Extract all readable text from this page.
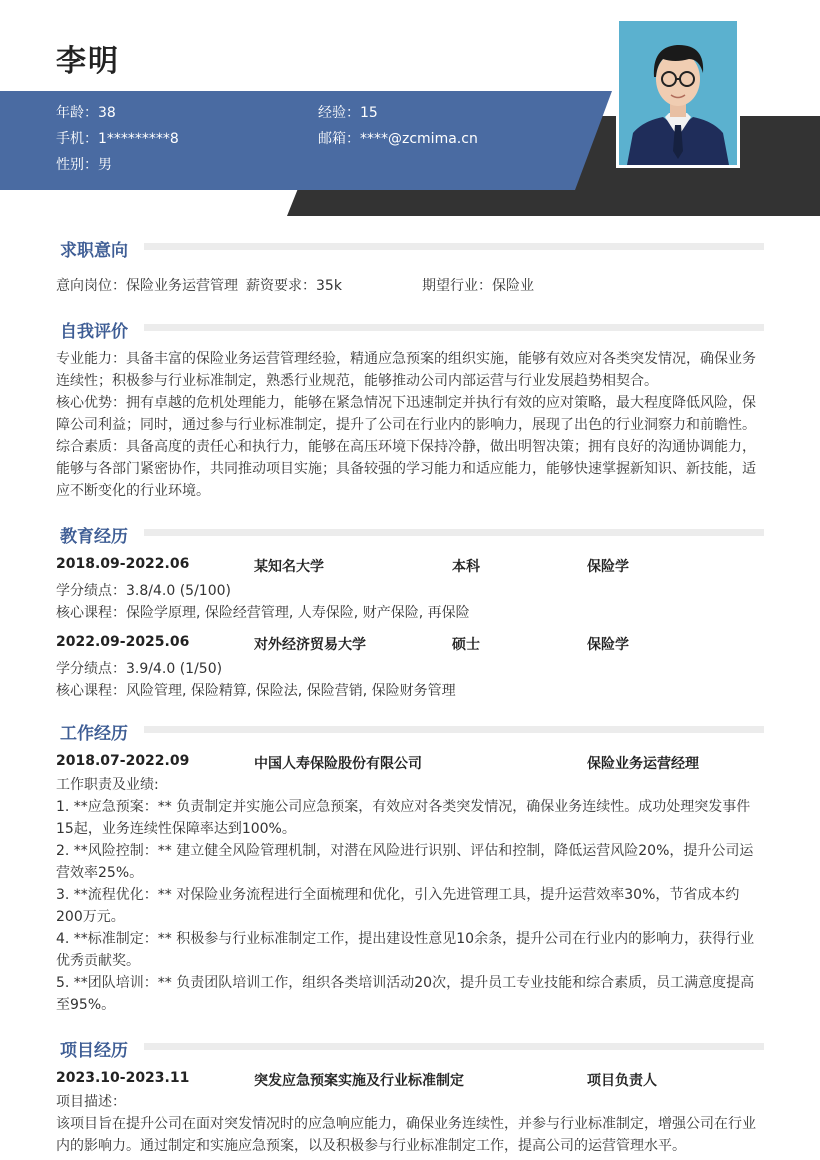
李明
年龄：38	经验：15
手机：1*********8	邮箱：****@zcmima.cn
性别：男
求职意向
意向岗位：保险业务运营管理 薪资要求：35k	期望行业：保险业
自我评价
专业能力：具备丰富的保险业务运营管理经验，精通应急预案的组织实施，能够有效应对各类突发情况，确保业务连续性；积极参与行业标准制定，熟悉行业规范，能够推动公司内部运营与行业发展趋势相契合。
核心优势：拥有卓越的危机处理能力，能够在紧急情况下迅速制定并执行有效的应对策略，最大程度降低风险，保障公司利益；同时，通过参与行业标准制定，提升了公司在行业内的影响力，展现了出色的行业洞察力和前瞻性。
综合素质：具备高度的责任心和执行力，能够在高压环境下保持冷静，做出明智决策；拥有良好的沟通协调能力，能够与各部门紧密协作，共同推动项目实施；具备较强的学习能力和适应能力，能够快速掌握新知识、新技能，适应不断变化的行业环境。
教育经历
2018.09-2022.06	某知名大学	本科	保险学
学分绩点：3.8/4.0 (5/100)
核心课程：保险学原理, 保险经营管理, 人寿保险, 财产保险, 再保险
2022.09-2025.06	对外经济贸易大学	硕士	保险学
学分绩点：3.9/4.0 (1/50)
核心课程：风险管理, 保险精算, 保险法, 保险营销, 保险财务管理
工作经历
2018.07-2022.09	中国人寿保险股份有限公司	保险业务运营经理
工作职责及业绩:
1. **应急预案：** 负责制定并实施公司应急预案，有效应对各类突发情况，确保业务连续性。成功处理突发事件15起，业务连续性保障率达到100%。
2. **风险控制：** 建立健全风险管理机制，对潜在风险进行识别、评估和控制，降低运营风险20%，提升公司运营效率25%。
3. **流程优化：** 对保险业务流程进行全面梳理和优化，引入先进管理工具，提升运营效率30%，节省成本约200万元。
4. **标准制定：** 积极参与行业标准制定工作，提出建设性意见10余条，提升公司在行业内的影响力，获得行业优秀贡献奖。
5. **团队培训：** 负责团队培训工作，组织各类培训活动20次，提升员工专业技能和综合素质，员工满意度提高至95%。
项目经历
2023.10-2023.11	突发应急预案实施及行业标准制定	项目负责人
项目描述：
该项目旨在提升公司在面对突发情况时的应急响应能力，确保业务连续性，并参与行业标准制定，增强公司在行业内的影响力。通过制定和实施应急预案，以及积极参与行业标准制定工作，提高公司的运营管理水平。
